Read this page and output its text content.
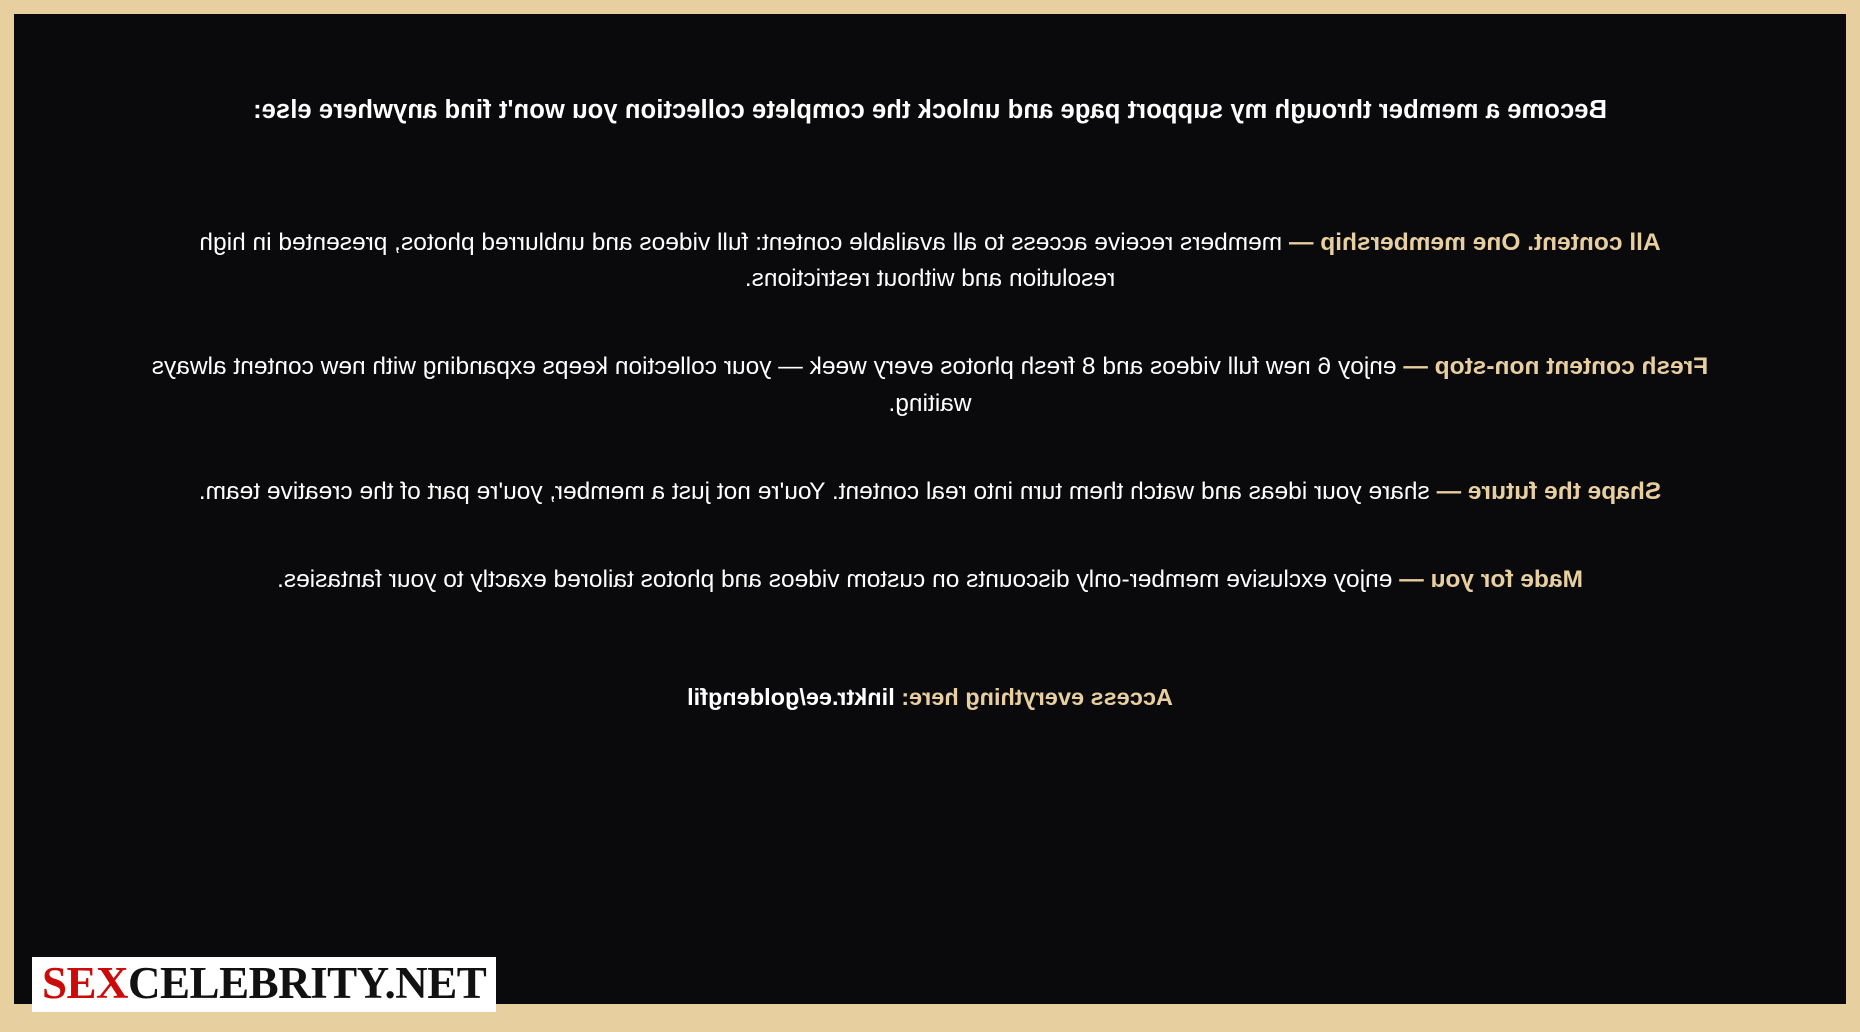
Become a member through my support page and unlock the complete collection you won't find anywhere else:
All content. One membership — members receive access to all available content: full videos and unblurred photos, presented in high resolution and without restrictions.
Fresh content non-stop — enjoy 6 new full videos and 8 fresh photos every week — your collection keeps expanding with new content always waiting.
Shape the future — share your ideas and watch them turn into real content. You're not just a member, you're part of the creative team.
Made for you — enjoy exclusive member-only discounts on custom videos and photos tailored exactly to your fantasies.
Access everything here: linktr.ee/goldengfil
SEXCELEBRITY.NET
